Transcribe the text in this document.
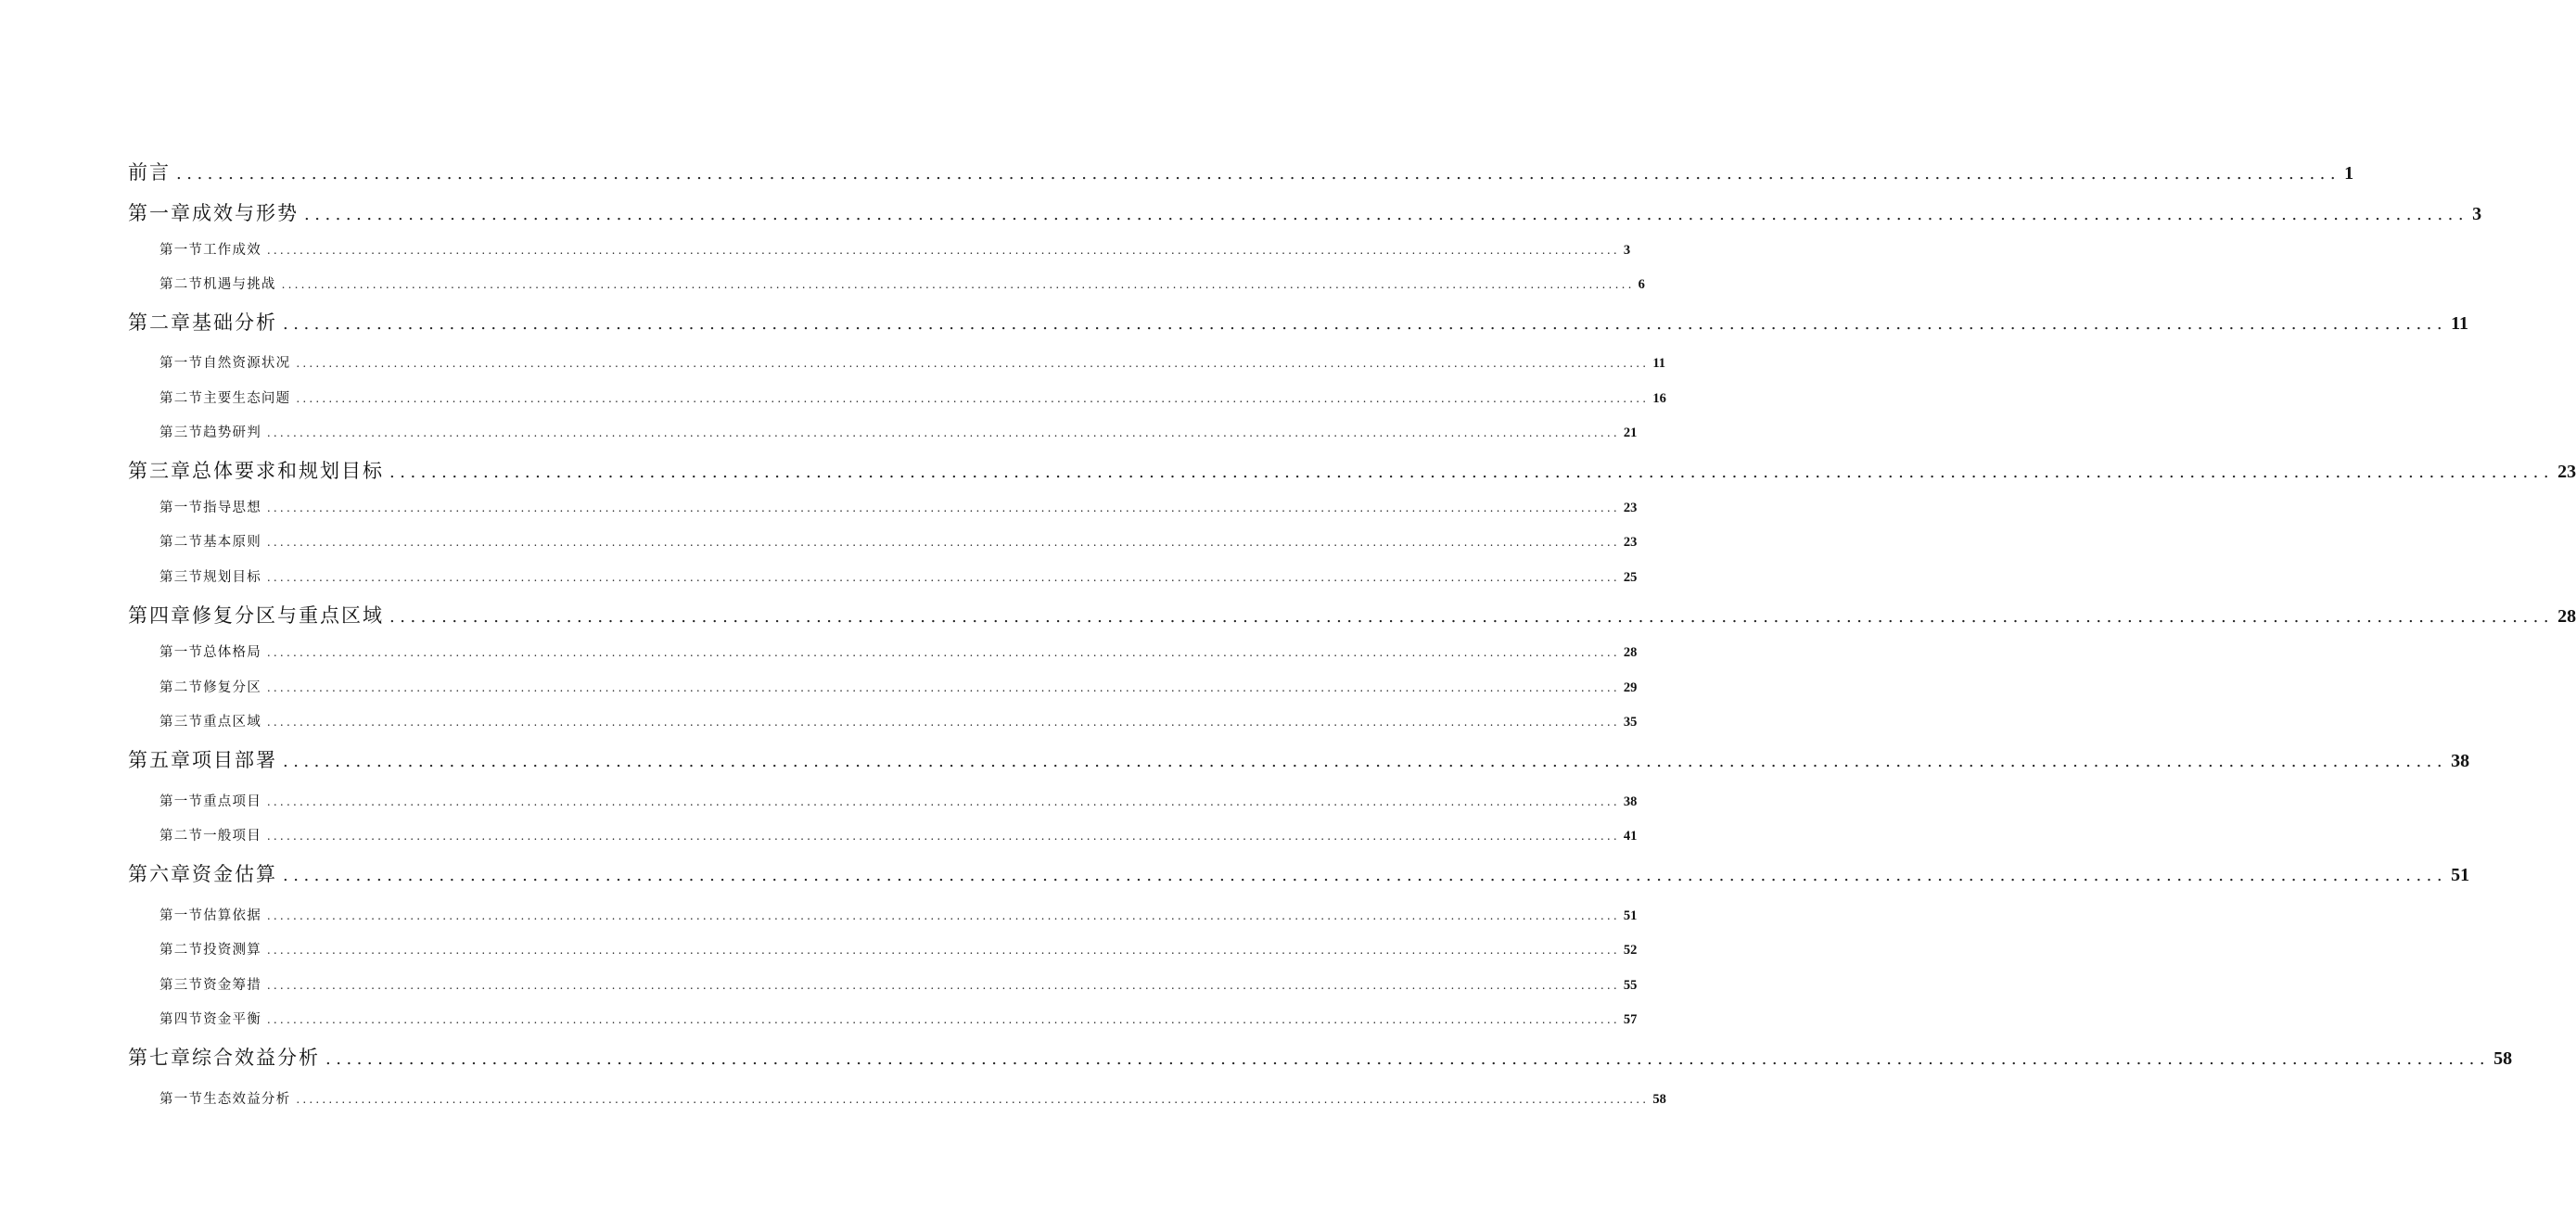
前言 ................................................................................................................................................................................................................ 1
第一章成效与形势 ................................................................................................................................................................................................................ 3
第一节工作成效 ................................................................................................................................................................................................................ 3
第二节机遇与挑战 ................................................................................................................................................................................................................ 6
第二章基础分析 ................................................................................................................................................................................................................ 11
第一节自然资源状况 ................................................................................................................................................................................................................ 11
第二节主要生态问题 ................................................................................................................................................................................................................ 16
第三节趋势研判 ................................................................................................................................................................................................................ 21
第三章总体要求和规划目标 ................................................................................................................................................................................................................ 23
第一节指导思想 ................................................................................................................................................................................................................ 23
第二节基本原则 ................................................................................................................................................................................................................ 23
第三节规划目标 ................................................................................................................................................................................................................ 25
第四章修复分区与重点区域 ................................................................................................................................................................................................................ 28
第一节总体格局 ................................................................................................................................................................................................................ 28
第二节修复分区 ................................................................................................................................................................................................................ 29
第三节重点区域 ................................................................................................................................................................................................................ 35
第五章项目部署 ................................................................................................................................................................................................................ 38
第一节重点项目 ................................................................................................................................................................................................................ 38
第二节一般项目 ................................................................................................................................................................................................................ 41
第六章资金估算 ................................................................................................................................................................................................................ 51
第一节估算依据 ................................................................................................................................................................................................................ 51
第二节投资测算 ................................................................................................................................................................................................................ 52
第三节资金筹措 ................................................................................................................................................................................................................ 55
第四节资金平衡 ................................................................................................................................................................................................................ 57
第七章综合效益分析 ................................................................................................................................................................................................................ 58
第一节生态效益分析 ................................................................................................................................................................................................................ 58
